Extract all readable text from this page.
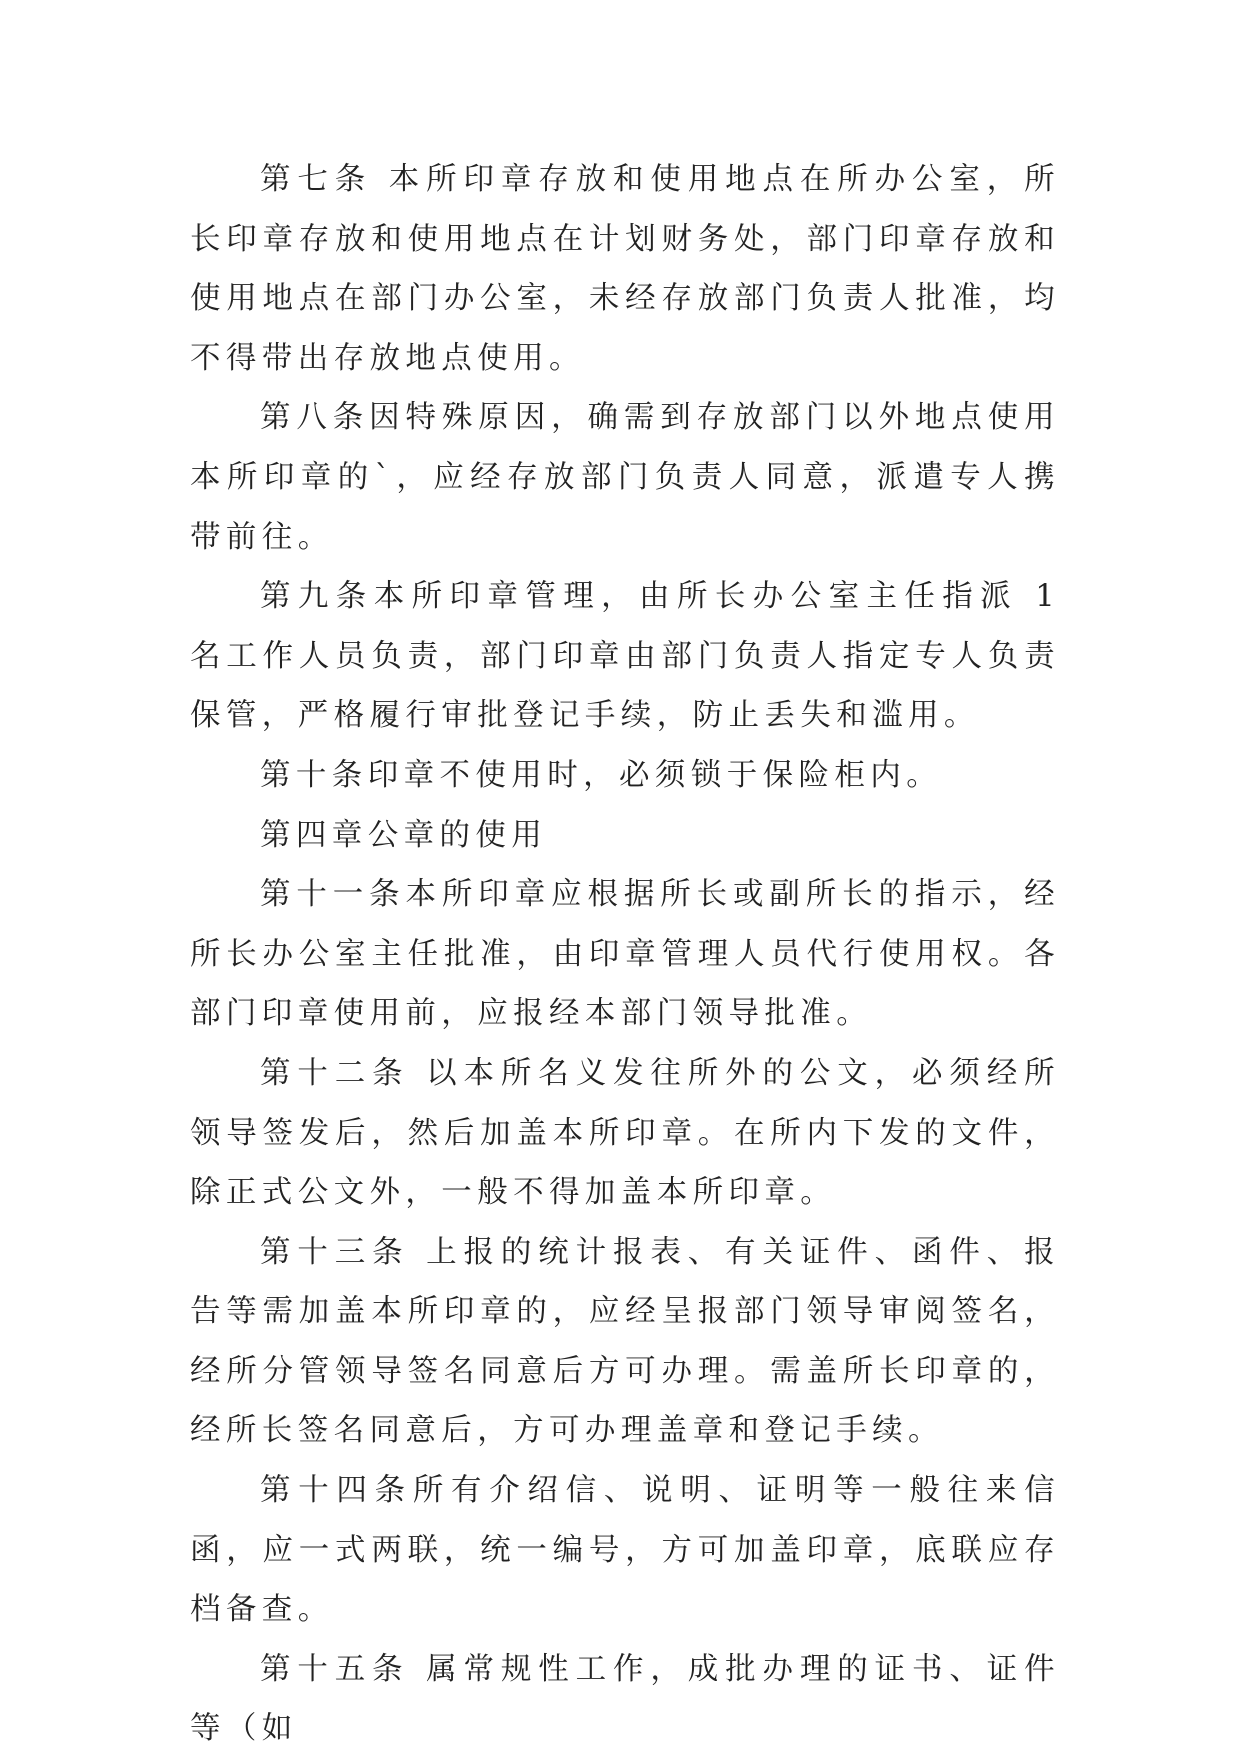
第七条 本所印章存放和使用地点在所办公室，所长印章存放和使用地点在计划财务处，部门印章存放和使用地点在部门办公室，未经存放部门负责人批准，均不得带出存放地点使用。

第八条因特殊原因，确需到存放部门以外地点使用本所印章的`，应经存放部门负责人同意，派遣专人携带前往。

第九条本所印章管理，由所长办公室主任指派 1 名工作人员负责，部门印章由部门负责人指定专人负责保管，严格履行审批登记手续，防止丢失和滥用。

第十条印章不使用时，必须锁于保险柜内。

第四章公章的使用

第十一条本所印章应根据所长或副所长的指示，经所长办公室主任批准，由印章管理人员代行使用权。各部门印章使用前，应报经本部门领导批准。

第十二条 以本所名义发往所外的公文，必须经所领导签发后，然后加盖本所印章。在所内下发的文件，除正式公文外，一般不得加盖本所印章。

第十三条 上报的统计报表、有关证件、函件、报告等需加盖本所印章的，应经呈报部门领导审阅签名，经所分管领导签名同意后方可办理。需盖所长印章的，经所长签名同意后，方可办理盖章和登记手续。

第十四条所有介绍信、说明、证明等一般往来信函，应一式两联，统一编号，方可加盖印章，底联应存档备查。

第十五条 属常规性工作，成批办理的证书、证件等（如
